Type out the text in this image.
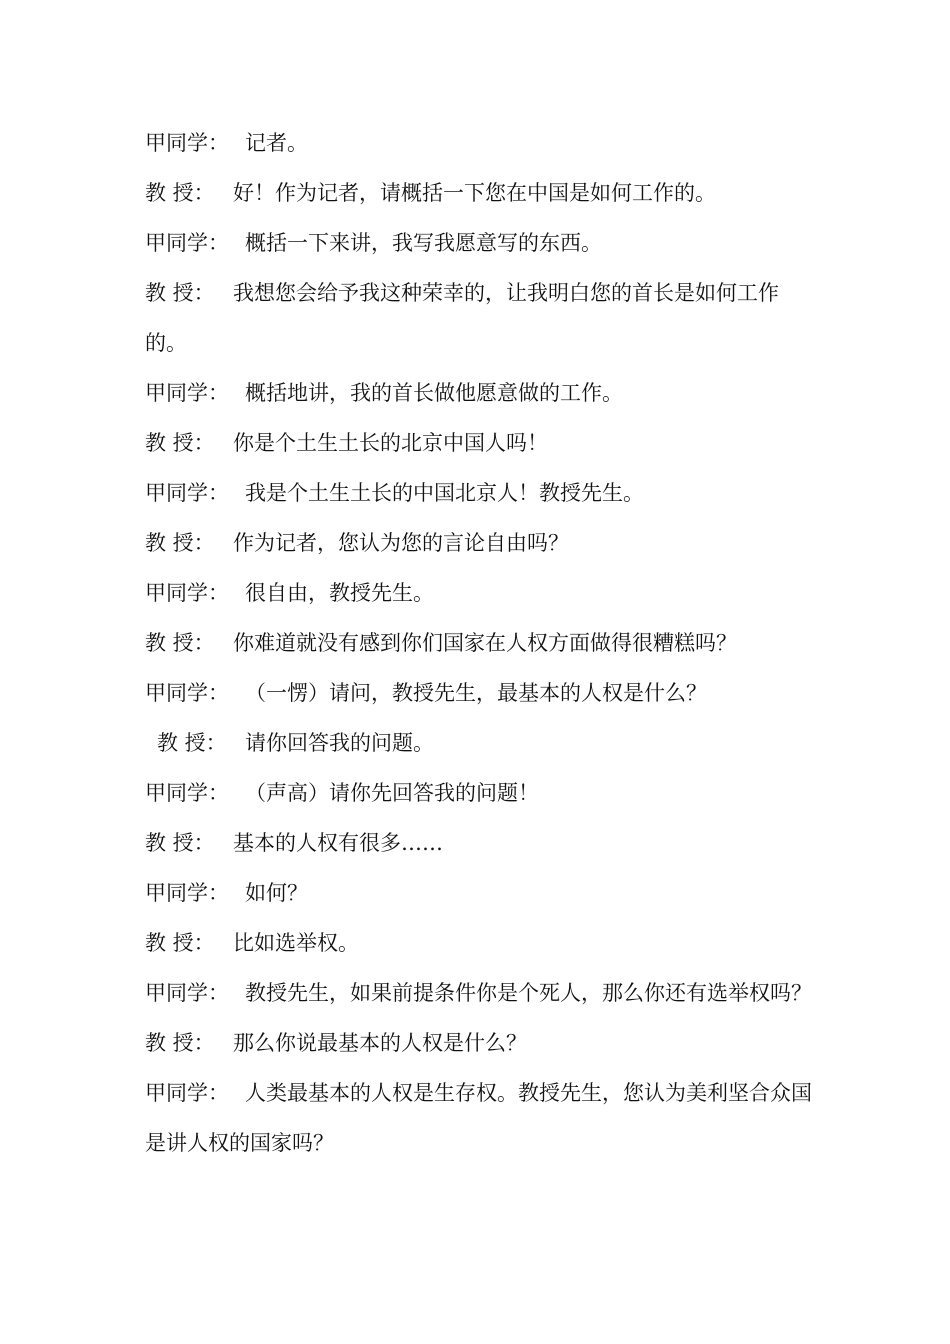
甲同学： 记者。
教 授： 好！作为记者，请概括一下您在中国是如何工作的。
甲同学： 概括一下来讲，我写我愿意写的东西。
教 授： 我想您会给予我这种荣幸的，让我明白您的首长是如何工作的。
甲同学： 概括地讲，我的首长做他愿意做的工作。
教 授： 你是个土生土长的北京中国人吗！
甲同学： 我是个土生土长的中国北京人！教授先生。
教 授： 作为记者，您认为您的言论自由吗？
甲同学： 很自由，教授先生。
教 授： 你难道就没有感到你们国家在人权方面做得很糟糕吗？
甲同学： （一愣）请问，教授先生，最基本的人权是什么？
教 授： 请你回答我的问题。
甲同学： （声高）请你先回答我的问题！
教 授： 基本的人权有很多……
甲同学： 如何？
教 授： 比如选举权。
甲同学： 教授先生，如果前提条件你是个死人，那么你还有选举权吗？
教 授： 那么你说最基本的人权是什么？
甲同学： 人类最基本的人权是生存权。教授先生，您认为美利坚合众国是讲人权的国家吗？
